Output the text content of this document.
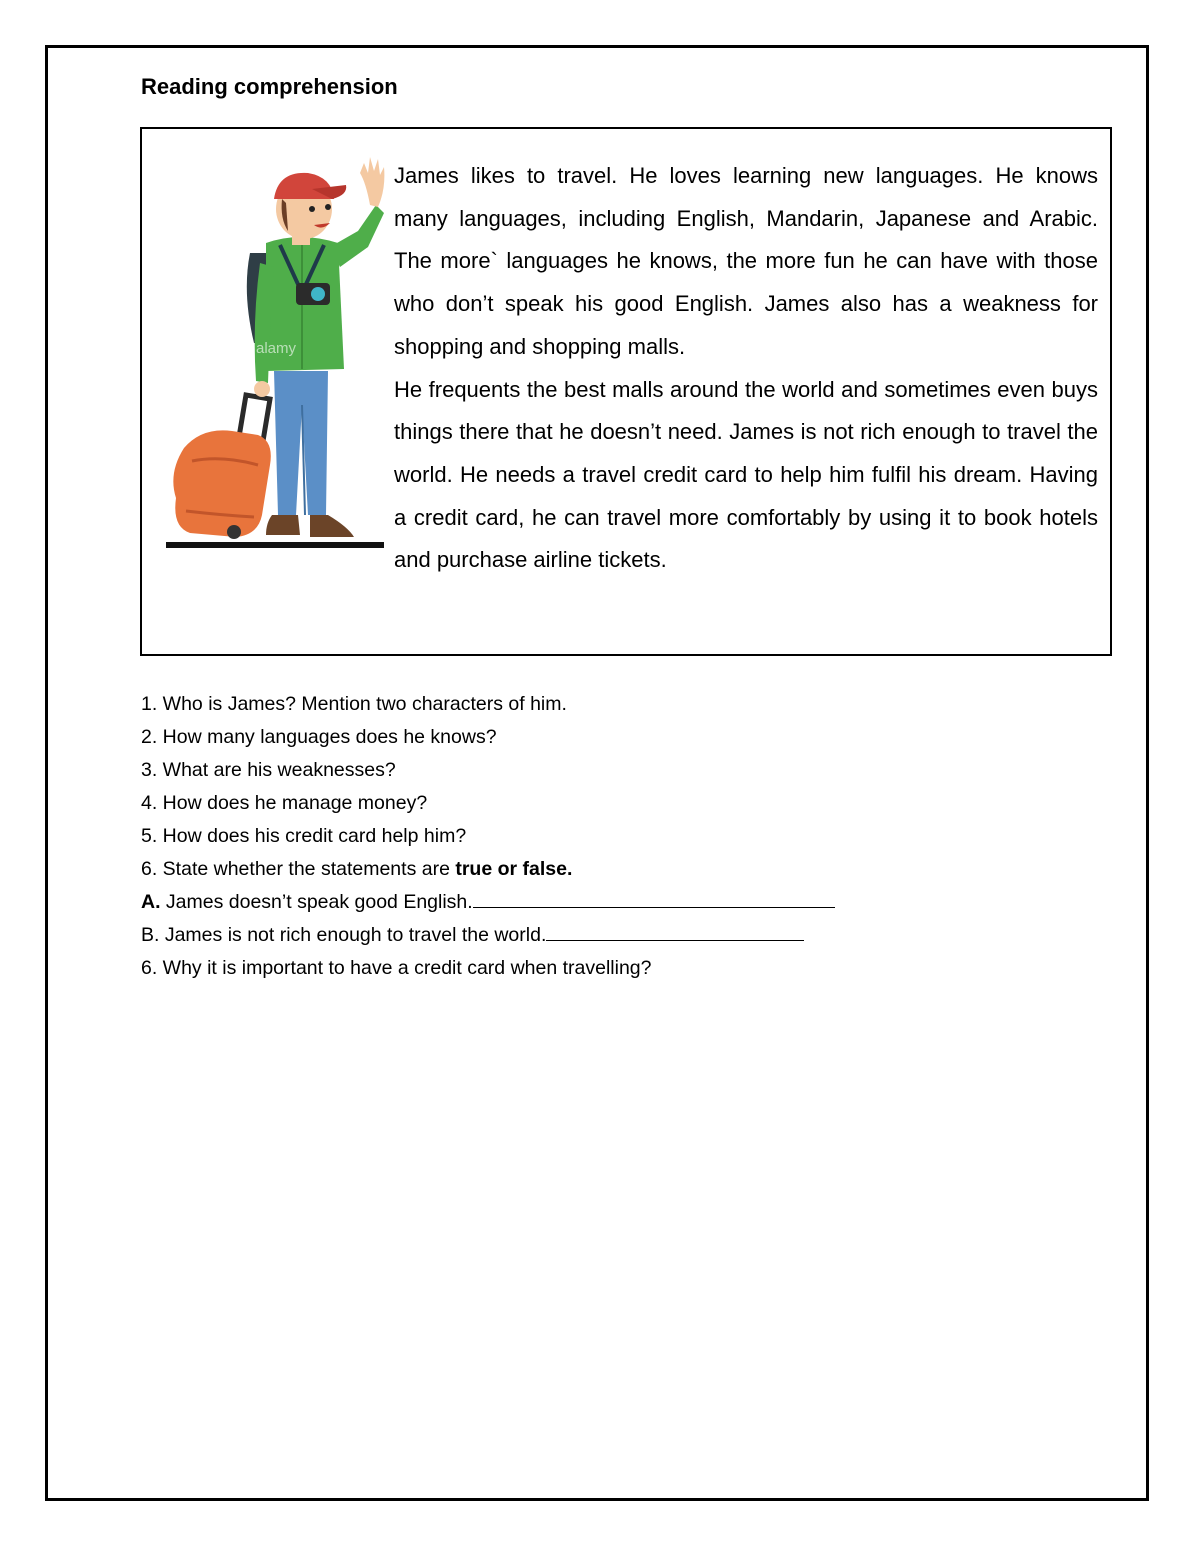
Reading comprehension
alamy

James likes to travel. He loves learning new languages. He knows many languages, including English, Mandarin, Japanese and Arabic. The more` languages he knows, the more fun he can have with those who don’t speak his good English. James also has a weakness for shopping and shopping malls.

He frequents the best malls around the world and sometimes even buys things there that he doesn’t need. James is not rich enough to travel the world. He needs a travel credit card to help him fulfil his dream. Having a credit card, he can travel more comfortably by using it to book hotels and purchase airline tickets.

1. Who is James? Mention two characters of him.
2. How many languages does he knows?
3. What are his weaknesses?
4. How does he manage money?
5. How does his credit card help him?
6. State whether the statements are true or false.
A. James doesn’t speak good English.
B. James is not rich enough to travel the world.
6. Why it is important to have a credit card when travelling?
